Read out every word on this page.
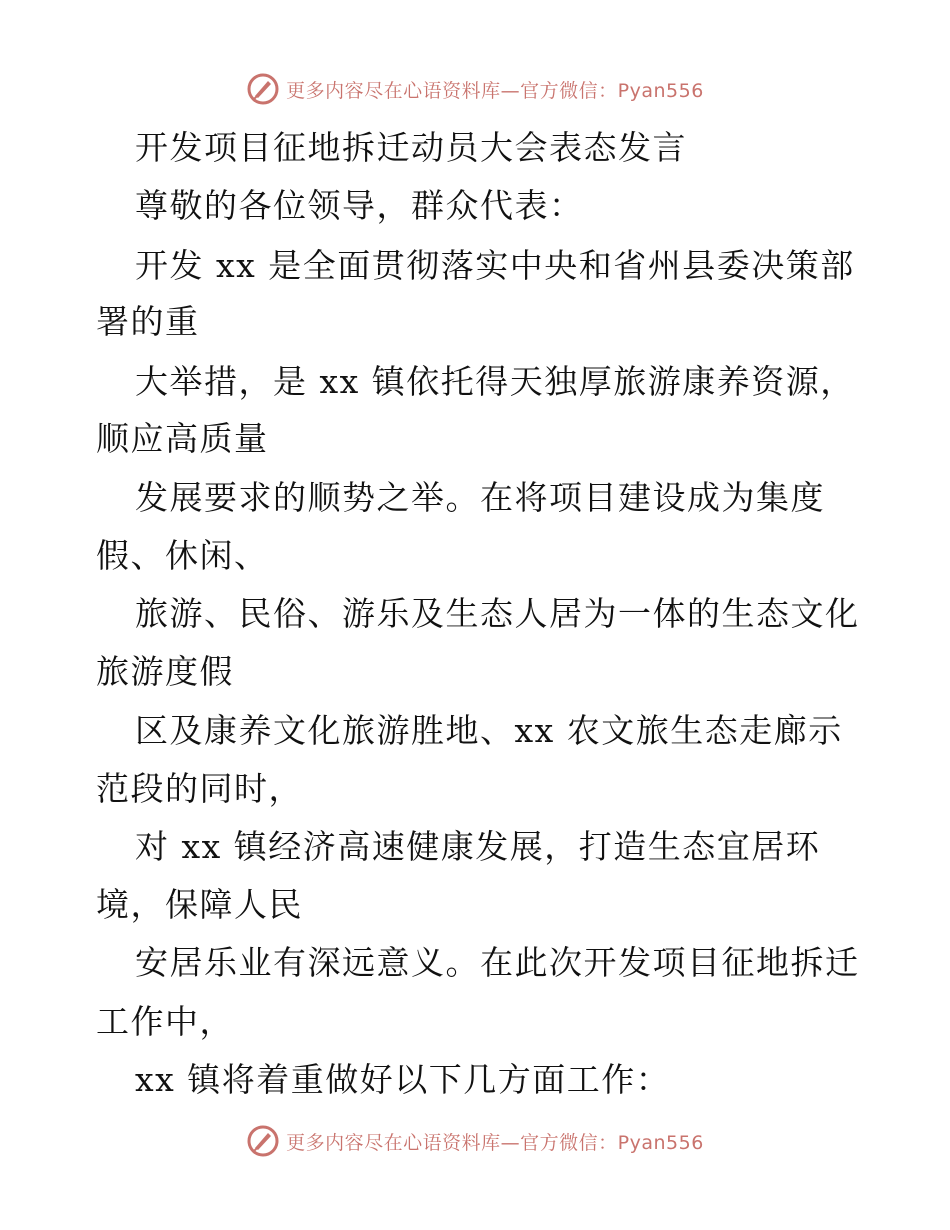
更多内容尽在心语资料库—官方微信：Pyan556
开发项目征地拆迁动员大会表态发言
尊敬的各位领导，群众代表：
开发 xx 是全面贯彻落实中央和省州县委决策部
署的重
大举措，是 xx 镇依托得天独厚旅游康养资源，
顺应高质量
发展要求的顺势之举。在将项目建设成为集度
假、休闲、
旅游、民俗、游乐及生态人居为一体的生态文化
旅游度假
区及康养文化旅游胜地、xx 农文旅生态走廊示
范段的同时，
对 xx 镇经济高速健康发展，打造生态宜居环
境，保障人民
安居乐业有深远意义。在此次开发项目征地拆迁
工作中，
xx 镇将着重做好以下几方面工作：
更多内容尽在心语资料库—官方微信：Pyan556
